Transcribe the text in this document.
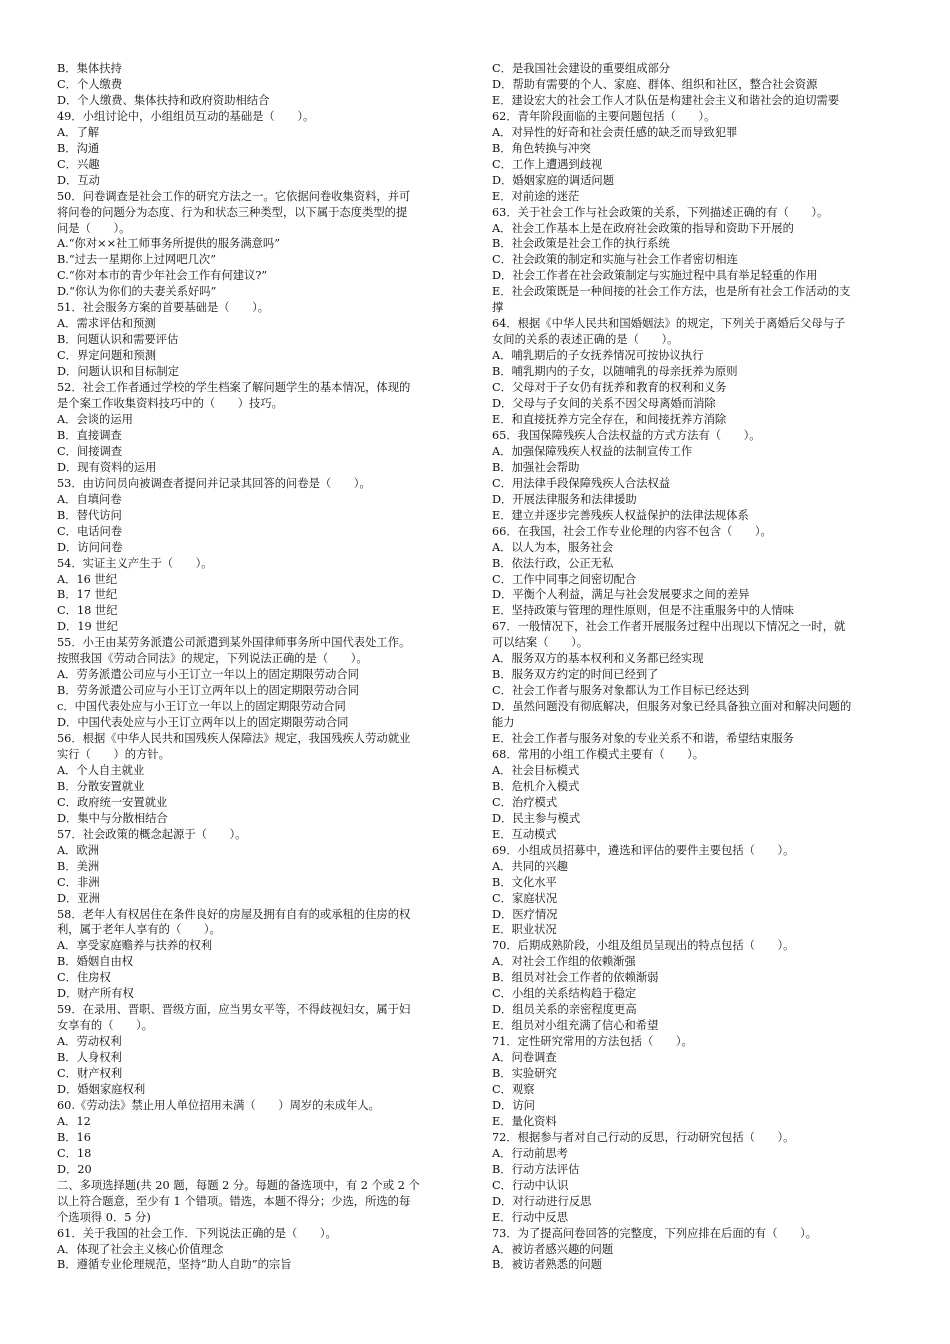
B．集体扶持
C．个人缴费
D．个人缴费、集体扶持和政府资助相结合
49．小组讨论中，小组组员互动的基础是（　　）。
A．了解
B．沟通
C．兴趣
D．互动
50．问卷调查是社会工作的研究方法之一。它依据问卷收集资料，并可
将问卷的问题分为态度、行为和状态三种类型，以下属于态度类型的提
问是（　　）。
A.“你对××社工师事务所提供的服务满意吗”
B.“过去一星期你上过网吧几次”
C.“你对本市的青少年社会工作有何建议?”
D.“你认为你们的夫妻关系好吗”
51．社会服务方案的首要基础是（　　）。
A．需求评估和预测
B．问题认识和需要评估
C．界定问题和预测
D．问题认识和目标制定
52．社会工作者通过学校的学生档案了解问题学生的基本情况，体现的
是个案工作收集资料技巧中的（　　）技巧。
A．会谈的运用
B．直接调查
C．间接调查
D．现有资料的运用
53．由访问员向被调查者提问并记录其回答的问卷是（　　）。
A．自填问卷
B．替代访问
C．电话问卷
D．访问问卷
54．实证主义产生于（　　）。
A．16 世纪
B．17 世纪
C．18 世纪
D．19 世纪
55．小王由某劳务派遣公司派遣到某外国律师事务所中国代表处工作。
按照我国《劳动合同法》的规定，下列说法正确的是（　　）。
A．劳务派遣公司应与小王订立一年以上的固定期限劳动合同
B．劳务派遣公司应与小王订立两年以上的固定期限劳动合同
c．中国代表处应与小王订立一年以上的固定期限劳动合同
D．中国代表处应与小王订立两年以上的固定期限劳动合同
56．根据《中华人民共和国残疾人保障法》规定，我国残疾人劳动就业
实行（　　）的方针。
A．个人自主就业
B．分散安置就业
C．政府统一安置就业
D．集中与分散相结合
57．社会政策的概念起源于（　　）。
A．欧洲
B．美洲
C．非洲
D．亚洲
58．老年人有权居住在条件良好的房屋及拥有自有的或承租的住房的权
利，属于老年人享有的（　　）。
A．享受家庭赡养与扶养的权利
B．婚姻自由权
C．住房权
D．财产所有权
59．在录用、晋职、晋级方面，应当男女平等，不得歧视妇女，属于妇
女享有的（　　）。
A．劳动权利
B．人身权利
C．财产权利
D．婚姻家庭权利
60.《劳动法》禁止用人单位招用未满（　　）周岁的未成年人。
A．12
B．16
C．18
D．20
二、多项选择题(共 20 题，每题 2 分。每题的备选项中，有 2 个或 2 个
以上符合题意，至少有 1 个错项。错选，本题不得分；少选，所选的每
个选项得 0．5 分)
61．关于我国的社会工作．下列说法正确的是（　　）。
A．体现了社会主义核心价值理念
B．遵循专业伦理规范，坚持“助人自助”的宗旨
C．是我国社会建设的重要组成部分
D．帮助有需要的个人、家庭、群体、组织和社区，整合社会资源
E．建设宏大的社会工作人才队伍是构建社会主义和谐社会的迫切需要
62．青年阶段面临的主要问题包括（　　）。
A．对异性的好奇和社会责任感的缺乏而导致犯罪
B．角色转换与冲突
C．工作上遭遇到歧视
D．婚姻家庭的调适问题
E．对前途的迷茫
63．关于社会工作与社会政策的关系，下列描述正确的有（　　）。
A．社会工作基本上是在政府社会政策的指导和资助下开展的
B．社会政策是社会工作的执行系统
C．社会政策的制定和实施与社会工作者密切相连
D．社会工作者在社会政策制定与实施过程中具有举足轻重的作用
E．社会政策既是一种间接的社会工作方法，也是所有社会工作活动的支
撑
64．根据《中华人民共和国婚姻法》的规定，下列关于离婚后父母与子
女间的关系的表述正确的是（　　）。
A．哺乳期后的子女抚养情况可按协议执行
B．哺乳期内的子女，以随哺乳的母亲抚养为原则
C．父母对于子女仍有抚养和教育的权利和义务
D．父母与子女间的关系不因父母离婚而消除
E．和直接抚养方完全存在，和间接抚养方消除
65．我国保障残疾人合法权益的方式方法有（　　）。
A．加强保障残疾人权益的法制宣传工作
B．加强社会帮助
C．用法律手段保障残疾人合法权益
D．开展法律服务和法律援助
E．建立并逐步完善残疾人权益保护的法律法规体系
66．在我国，社会工作专业伦理的内容不包含（　　）。
A．以人为本，服务社会
B．依法行政，公正无私
C．工作中同事之间密切配合
D．平衡个人利益，满足与社会发展要求之间的差异
E．坚持政策与管理的理性原则，但是不注重服务中的人情味
67．一般情况下，社会工作者开展服务过程中出现以下情况之一时，就
可以结案（　　）。
A．服务双方的基本权利和义务都已经实现
B．服务双方约定的时间已经到了
C．社会工作者与服务对象都认为工作目标已经达到
D．虽然问题没有彻底解决，但服务对象已经具备独立面对和解决问题的
能力
E．社会工作者与服务对象的专业关系不和谐，希望结束服务
68．常用的小组工作模式主要有（　　）。
A．社会目标模式
B．危机介入模式
C．治疗模式
D．民主参与模式
E．互动模式
69．小组成员招募中，遴选和评估的要件主要包括（　　）。
A．共同的兴趣
B．文化水平
C．家庭状况
D．医疗情况
E．职业状况
70．后期成熟阶段，小组及组员呈现出的特点包括（　　）。
A．对社会工作组的依赖渐强
B．组员对社会工作者的依赖渐弱
C．小组的关系结构趋于稳定
D．组员关系的亲密程度更高
E．组员对小组充满了信心和希望
71．定性研究常用的方法包括（　　）。
A．问卷调查
B．实验研究
C．观察
D．访问
E．量化资料
72．根据参与者对自己行动的反思，行动研究包括（　　）。
A．行动前思考
B．行动方法评估
C．行动中认识
D．对行动进行反思
E．行动中反思
73．为了提高问卷回答的完整度，下列应排在后面的有（　　）。
A．被访者感兴趣的问题
B．被访者熟悉的问题
